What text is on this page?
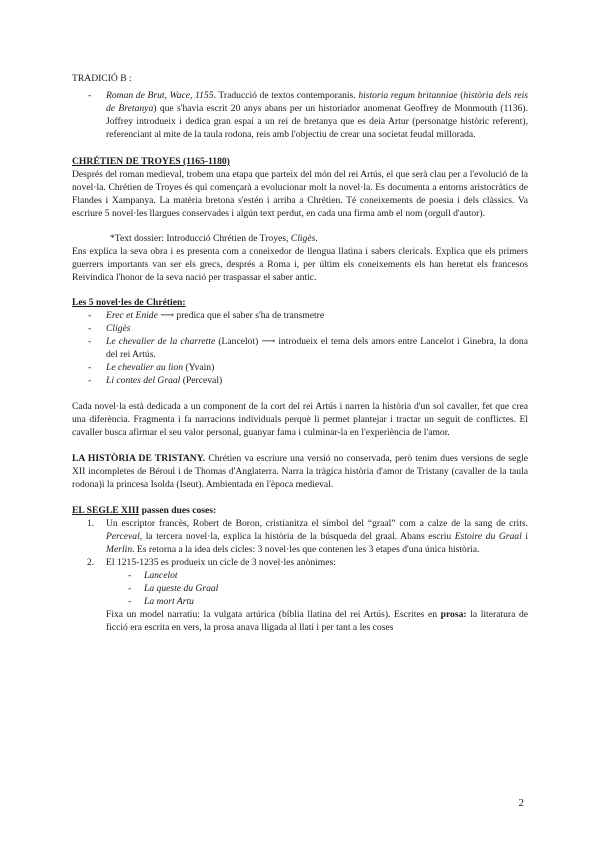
TRADICIÓ B :

- Roman de Brut, Wace, 1155. Traducció de textos contemporanis. historia regum britanniae (història dels reis de Bretanya) que s'havia escrit 20 anys abans per un historiador anomenat Geoffrey de Monmouth (1136). Joffrey introdueix i dedica gran espai a un rei de bretanya que es deia Artur (personatge històric referent), referenciant al mite de la taula rodona, reis amb l'objectiu de crear una societat feudal millorada.

CHRÉTIEN DE TROYES (1165-1180)

Després del roman medieval, trobem una etapa que parteix del món del rei Artús, el que serà clau per a l'evolució de la novel·la. Chrétien de Troyes és qui començarà a evolucionar molt la novel·la. Es documenta a entorns aristocràtics de Flandes i Xampanya. La matèria bretona s'estén i arriba a Chrétien. Té coneixements de poesia i dels clàssics. Va escriure 5 novel·les llargues conservades i algún text perdut, en cada una firma amb el nom (orgull d'autor).

*Text dossier: Introducció Chrétien de Troyes, Cligès.

Ens explica la seva obra i es presenta com a coneixedor de llengua llatina i sabers clericals. Explica que els primers guerrers importants van ser els grecs, després a Roma i, per últim els coneixements els han heretat els francesos Reivindica l'honor de la seva nació per traspassar el saber antic.

Les 5 novel·les de Chrétien:

- Erec et Enide ⟶ predica que el saber s'ha de transmetre
- Cligès
- Le chevalier de la charrette (Lancelot) ⟶ introdueix el tema dels amors entre Lancelot i Ginebra, la dona del rei Artús.
- Le chevalier au lion (Yvain)
- Li contes del Graal (Perceval)

Cada novel·la està dedicada a un component de la cort del rei Artús i narren la història d'un sol cavaller, fet que crea una diferència. Fragmenta i fa narracions individuals perquè li permet plantejar i tractar un seguit de conflictes. El cavaller busca afirmar el seu valor personal, guanyar fama i culminar-la en l'experiència de l'amor.

LA HISTÒRIA DE TRISTANY. Chrétien va escriure una versió no conservada, però tenim dues versions de segle XII incompletes de Béroul i de Thomas d'Anglaterra. Narra la tràgica història d'amor de Tristany (cavaller de la taula rodona)i la princesa Isolda (Iseut). Ambientada en l'època medieval.

EL SEGLE XIII passen dues coses:

1. Un escriptor francès, Robert de Boron, cristianitza el símbol del “graal” com a calze de la sang de crits. Perceval, la tercera novel·la, explica la història de la búsqueda del graal. Abans escriu Estoire du Graal i Merlin. Es retorna a la idea dels cicles: 3 novel·les que contenen les 3 etapes d'una única història.
2. El 1215-1235 es produeix un cicle de 3 novel·les anònimes:
- Lancelot
- La queste du Graal
- La mort Artu

Fixa un model narratiu: la vulgata artúrica (bíblia llatina del rei Artús). Escrites en prosa: la literatura de ficció era escrita en vers, la prosa anava lligada al llatí i per tant a les coses

2
